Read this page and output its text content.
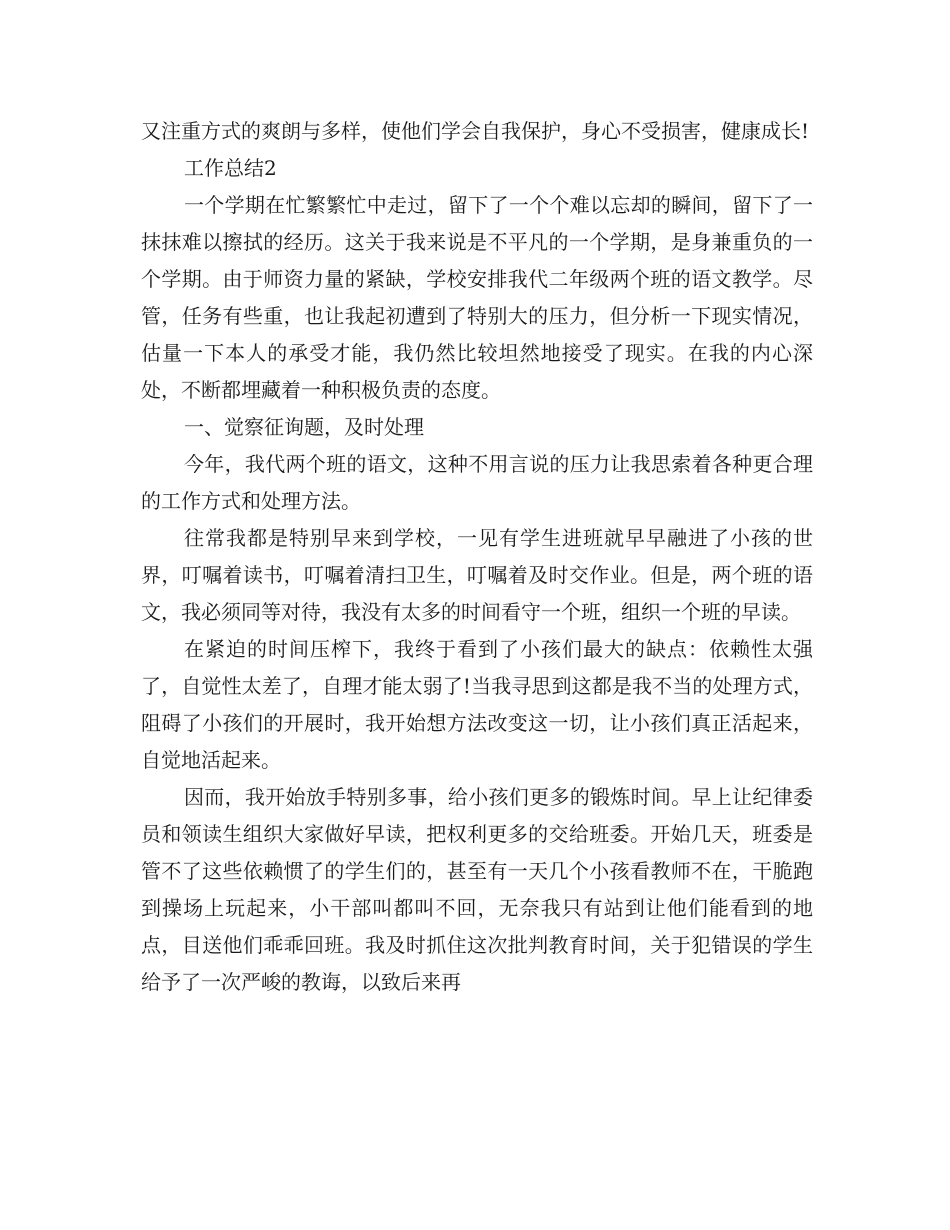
又注重方式的爽朗与多样，使他们学会自我保护，身心不受损害，健康成长!

工作总结2

一个学期在忙繁繁忙中走过，留下了一个个难以忘却的瞬间，留下了一抹抹难以擦拭的经历。这关于我来说是不平凡的一个学期，是身兼重负的一个学期。由于师资力量的紧缺，学校安排我代二年级两个班的语文教学。尽管，任务有些重，也让我起初遭到了特别大的压力，但分析一下现实情况，估量一下本人的承受才能，我仍然比较坦然地接受了现实。在我的内心深处，不断都埋藏着一种积极负责的态度。

一、觉察征询题，及时处理

今年，我代两个班的语文，这种不用言说的压力让我思索着各种更合理的工作方式和处理方法。

往常我都是特别早来到学校，一见有学生进班就早早融进了小孩的世界，叮嘱着读书，叮嘱着清扫卫生，叮嘱着及时交作业。但是，两个班的语文，我必须同等对待，我没有太多的时间看守一个班，组织一个班的早读。

在紧迫的时间压榨下，我终于看到了小孩们最大的缺点：依赖性太强了，自觉性太差了，自理才能太弱了!当我寻思到这都是我不当的处理方式，阻碍了小孩们的开展时，我开始想方法改变这一切，让小孩们真正活起来，自觉地活起来。

因而，我开始放手特别多事，给小孩们更多的锻炼时间。早上让纪律委员和领读生组织大家做好早读，把权利更多的交给班委。开始几天，班委是管不了这些依赖惯了的学生们的，甚至有一天几个小孩看教师不在，干脆跑到操场上玩起来，小干部叫都叫不回，无奈我只有站到让他们能看到的地点，目送他们乖乖回班。我及时抓住这次批判教育时间，关于犯错误的学生给予了一次严峻的教诲，以致后来再
